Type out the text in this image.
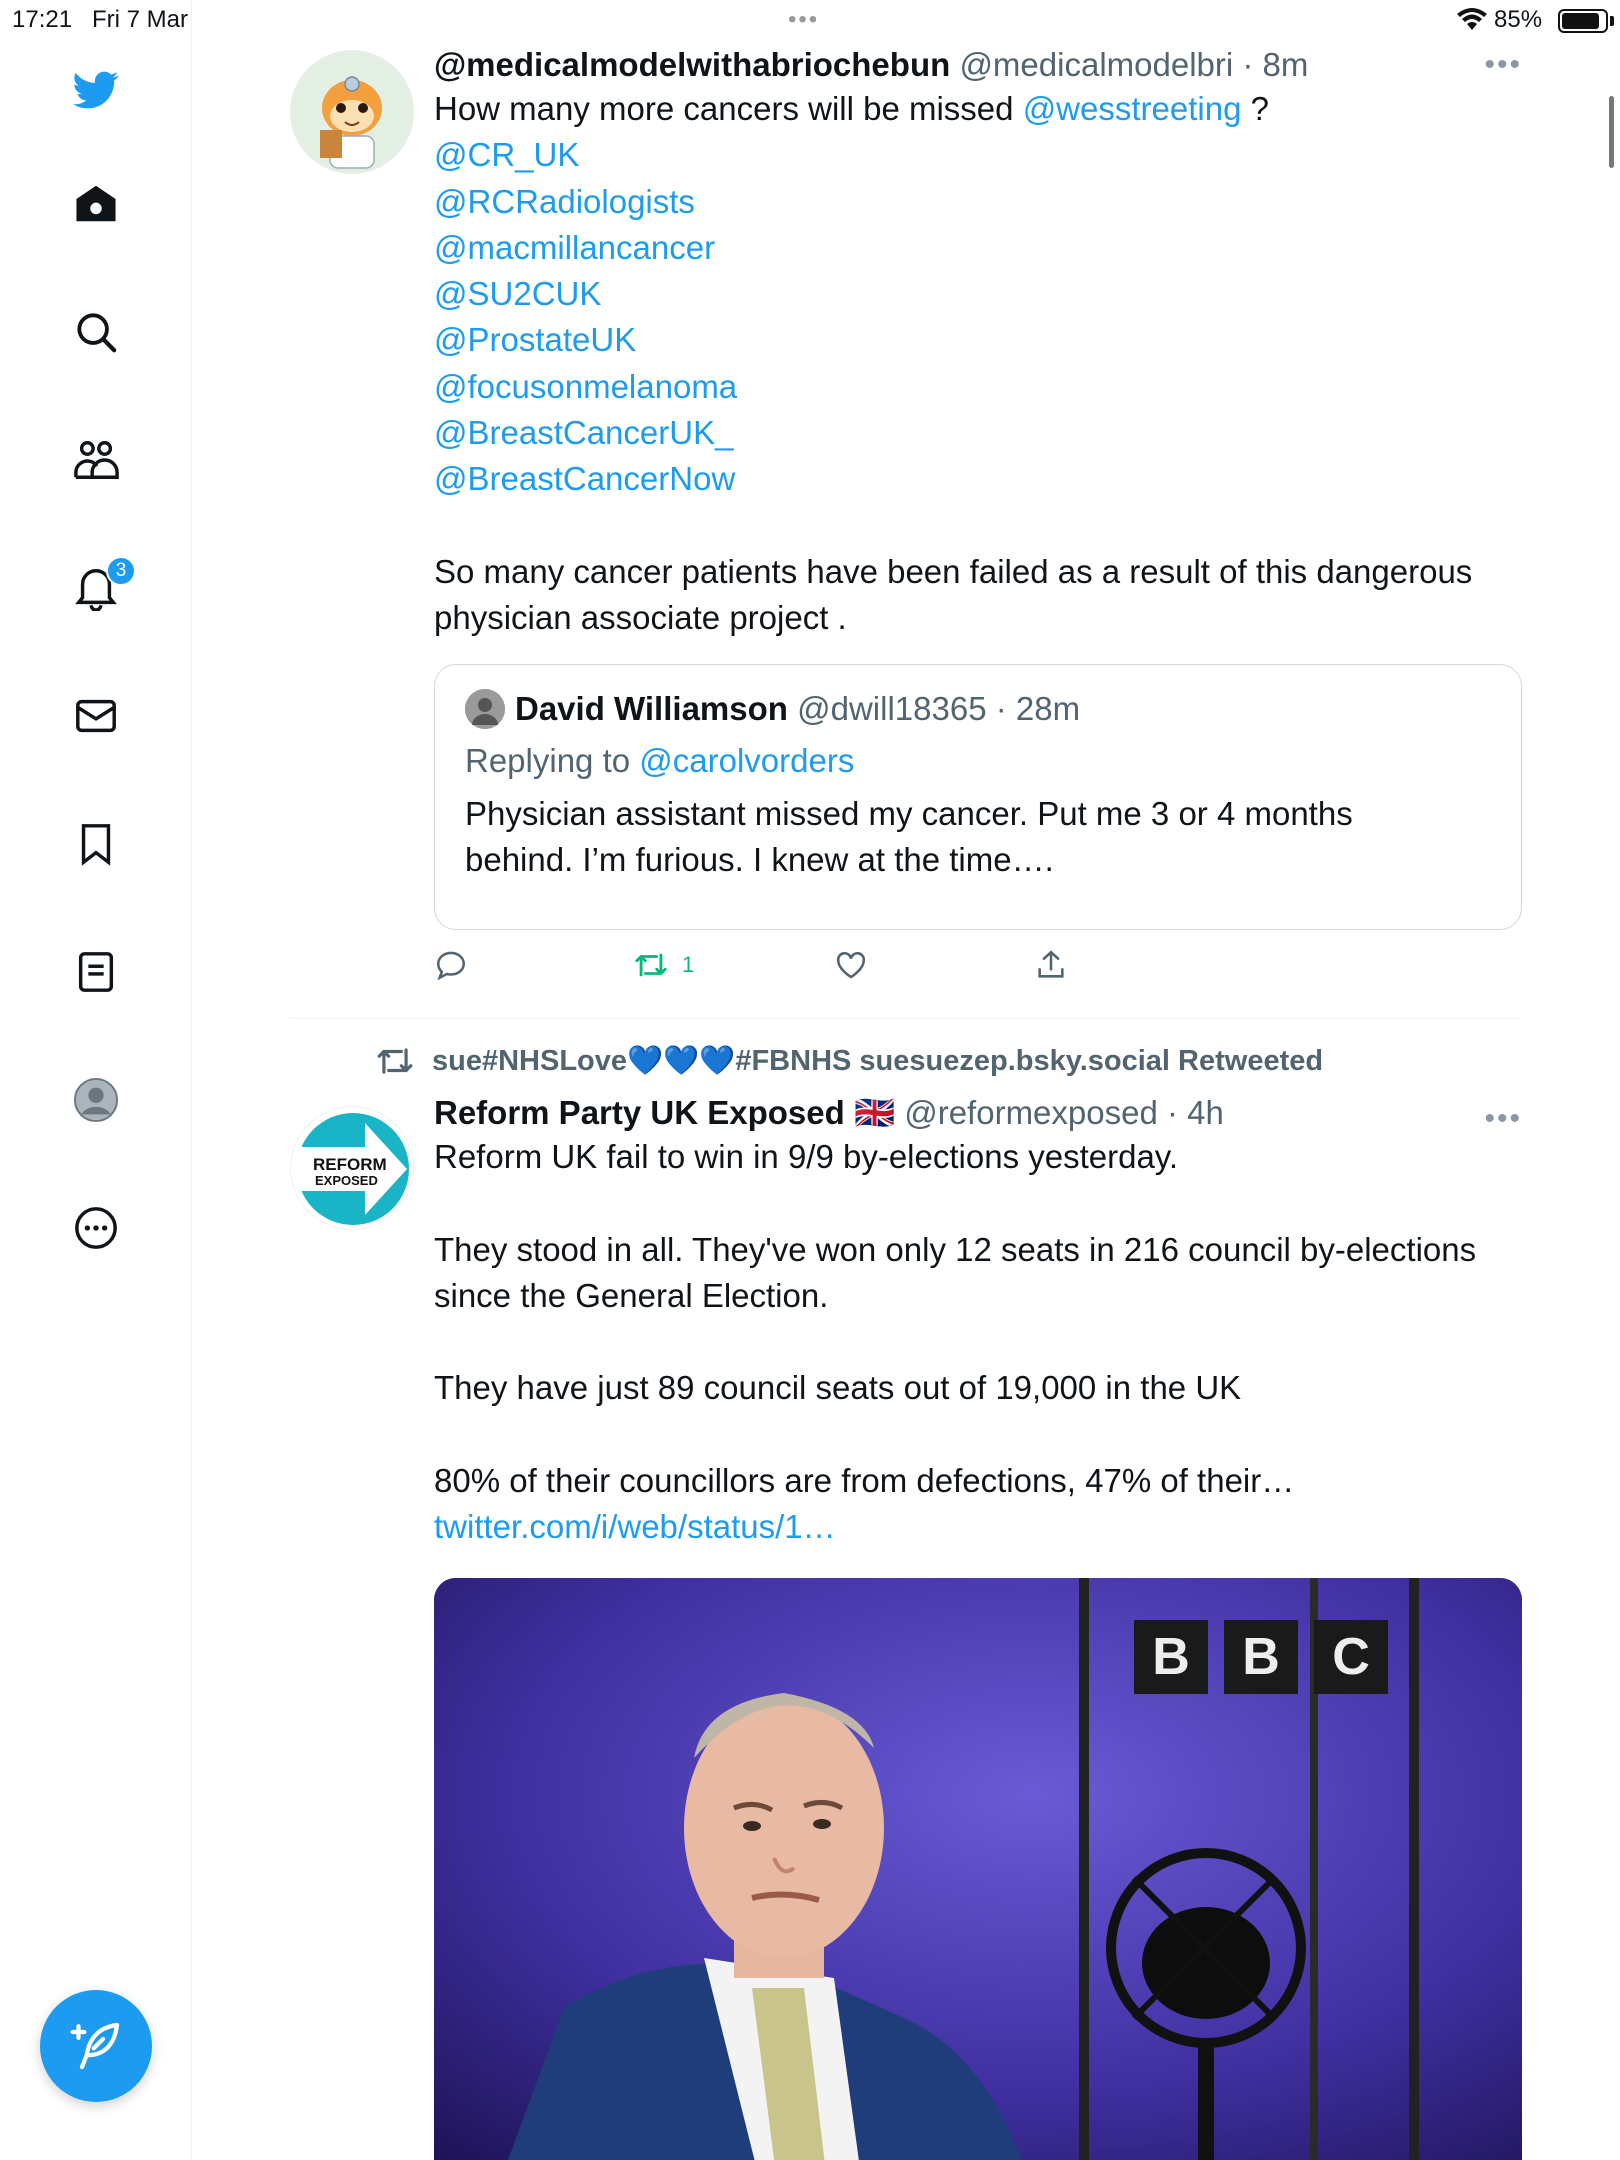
17:21 Fri 7 Mar	•••	85%
3
@medicalmodelwithabriochebun @medicalmodelbri · 8m
How many more cancers will be missed @wesstreeting ?
@CR_UK
@RCRadiologists
@macmillancancer
@SU2CUK
@ProstateUK
@focusonmelanoma
@BreastCancerUK_
@BreastCancerNow
So many cancer patients have been failed as a result of this dangerous
physician associate project .
•••
David Williamson
@dwill18365
· 28m
Replying to @carolvorders
Physician assistant missed my cancer. Put me 3 or 4 months
behind. I’m furious. I knew at the time….
1
sue#NHSLove 💙💙💙 #FBNHS suesuezep.bsky.social Retweeted
REFORM
EXPOSED
Reform Party UK Exposed 🇬🇧 @reformexposed · 4h
Reform UK fail to win in 9/9 by-elections yesterday.
They stood in all. They've won only 12 seats in 216 council by-elections
since the General Election.
They have just 89 council seats out of 19,000 in the UK
80% of their councillors are from defections, 47% of their…
twitter.com/i/web/status/1…
•••
B B C
